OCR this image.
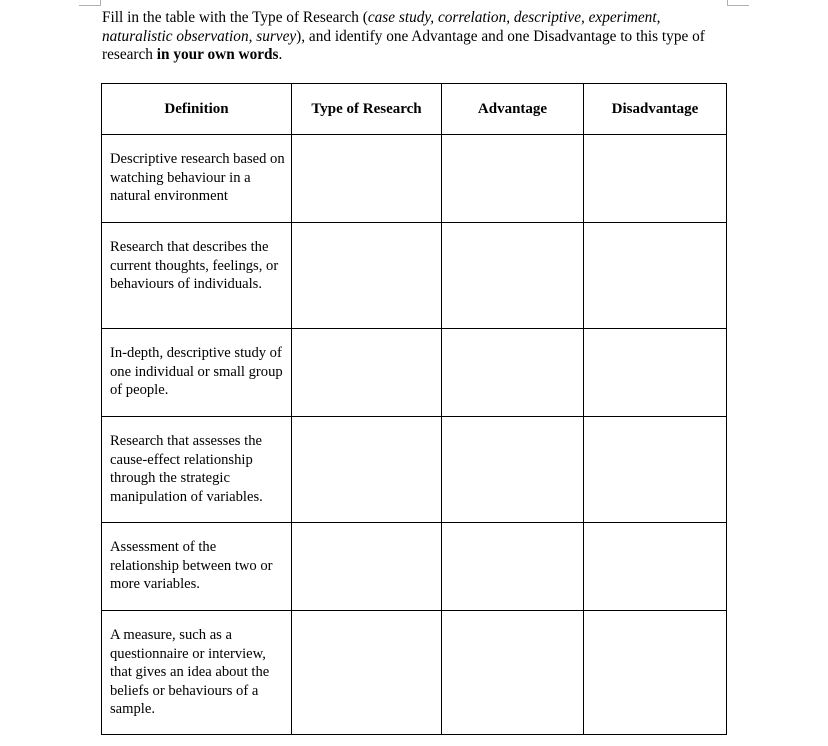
Fill in the table with the Type of Research (case study, correlation, descriptive, experiment, naturalistic observation, survey), and identify one Advantage and one Disadvantage to this type of research in your own words.

Definition	Type of Research	Advantage	Disadvantage
Descriptive research based on watching behaviour in a natural environment			
Research that describes the current thoughts, feelings, or behaviours of individuals.			
In-depth, descriptive study of one individual or small group of people.			
Research that assesses the cause-effect relationship through the strategic manipulation of variables.			
Assessment of the relationship between two or more variables.			
A measure, such as a questionnaire or interview, that gives an idea about the beliefs or behaviours of a sample.			
